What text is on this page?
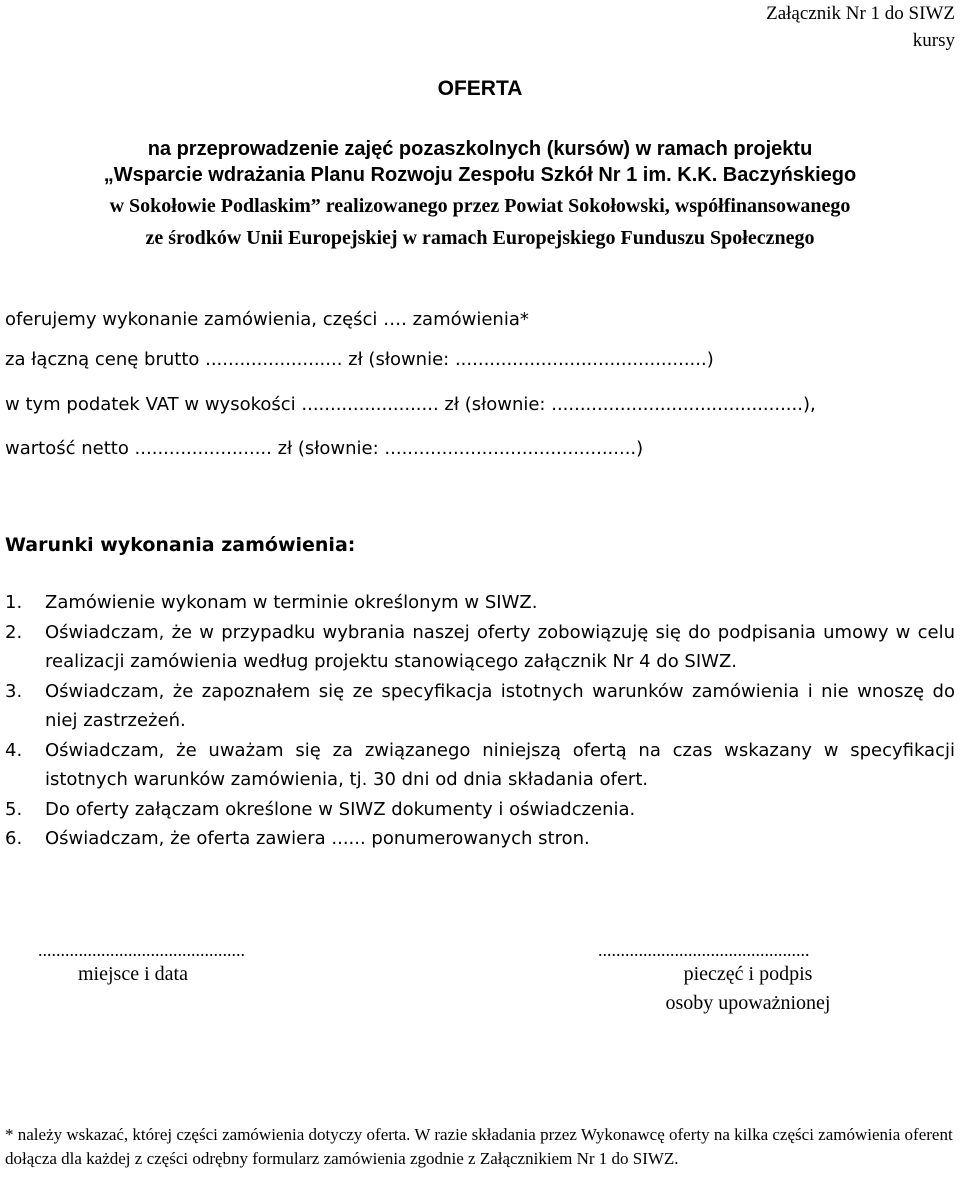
Załącznik Nr 1 do SIWZ
kursy
OFERTA
na przeprowadzenie zajęć pozaszkolnych (kursów) w ramach projektu
„Wsparcie wdrażania Planu Rozwoju Zespołu Szkół Nr 1 im. K.K. Baczyńskiego
w Sokołowie Podlaskim” realizowanego przez Powiat Sokołowski, współfinansowanego
ze środków Unii Europejskiej w ramach Europejskiego Funduszu Społecznego
oferujemy wykonanie zamówienia, części …. zamówienia*
za łączną cenę brutto ........................ zł (słownie: ............................................)
w tym podatek VAT w wysokości ........................ zł (słownie: ............................................),
wartość netto ........................ zł (słownie: ............................................)
Warunki wykonania zamówienia:
1. Zamówienie wykonam w terminie określonym w SIWZ.
2. Oświadczam, że w przypadku wybrania naszej oferty zobowiązuję się do podpisania umowy w celu realizacji zamówienia według projektu stanowiącego załącznik Nr 4 do SIWZ.
3. Oświadczam, że zapoznałem się ze specyfikacja istotnych warunków zamówienia i nie wnoszę do niej zastrzeżeń.
4. Oświadczam, że uważam się za związanego niniejszą ofertą na czas wskazany w specyfikacji istotnych warunków zamówienia, tj. 30 dni od dnia składania ofert.
5. Do oferty załączam określone w SIWZ dokumenty i oświadczenia.
6. Oświadczam, że oferta zawiera ...... ponumerowanych stron.
..............................................
miejsce i data
...............................................
pieczęć i podpis
osoby upoważnionej
* należy wskazać, której części zamówienia dotyczy oferta. W razie składania przez Wykonawcę oferty na kilka części zamówienia oferent dołącza dla każdej z części odrębny formularz zamówienia zgodnie z Załącznikiem Nr 1 do SIWZ.
